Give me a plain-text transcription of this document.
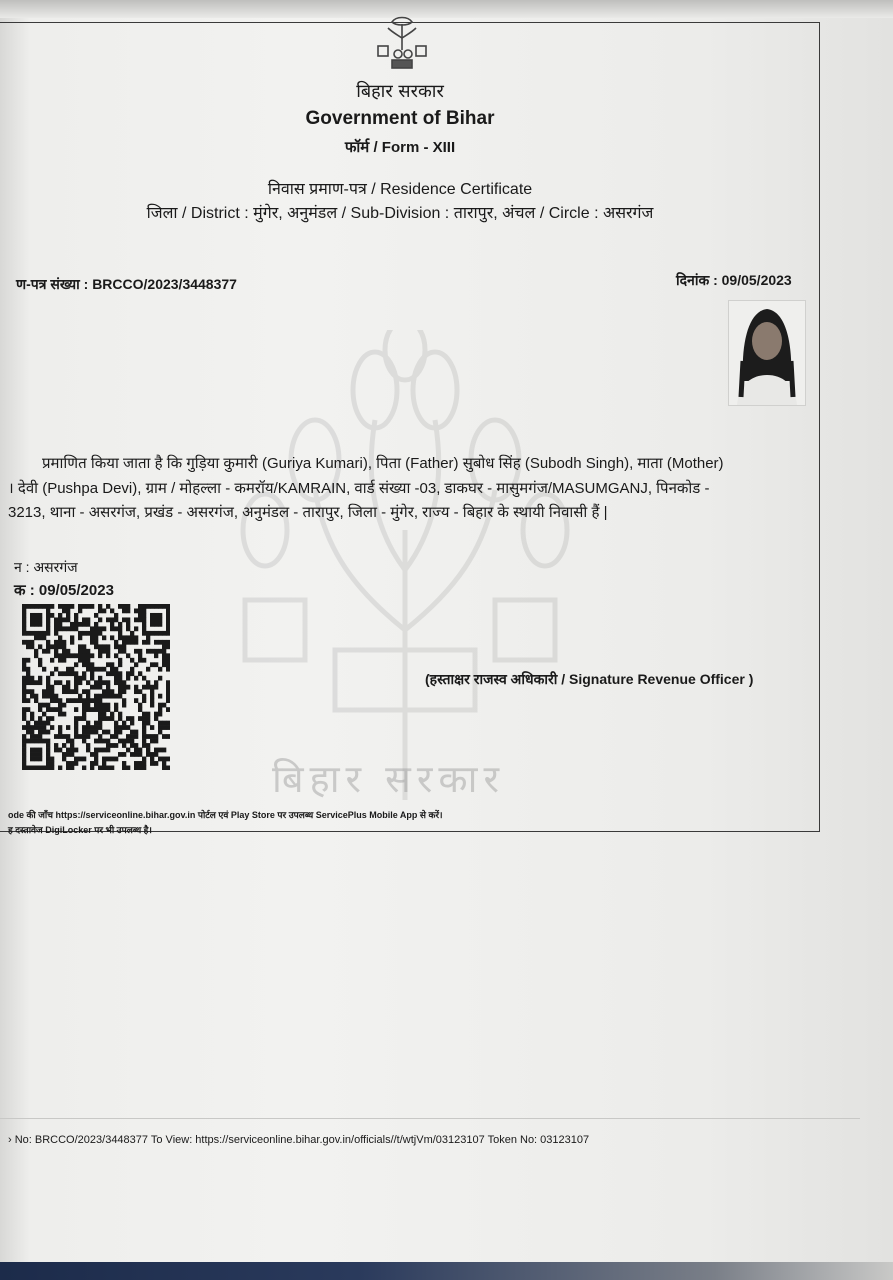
बिहार सरकार
बिहार सरकार
Government of Bihar
फॉर्म / Form - XIII
निवास प्रमाण-पत्र / Residence Certificate
जिला / District : मुंगेर, अनुमंडल / Sub-Division : तारापुर, अंचल / Circle : असरगंज
ण-पत्र संख्या : BRCCO/2023/3448377	दिनांक : 09/05/2023
प्रमाणित किया जाता है कि गुड़िया कुमारी (Guriya Kumari), पिता (Father) सुबोध सिंह (Subodh Singh), माता (Mother)
। देवी (Pushpa Devi), ग्राम / मोहल्ला - कमरॉय/KAMRAIN, वार्ड संख्या -03, डाकघर - मासुमगंज/MASUMGANJ, पिनकोड -
3213, थाना - असरगंज, प्रखंड - असरगंज, अनुमंडल - तारापुर, जिला - मुंगेर, राज्य - बिहार के स्थायी निवासी हैं |
न : असरगंज
क : 09/05/2023
(हस्ताक्षर राजस्व अधिकारी / Signature Revenue Officer )
ode की जाँच https://serviceonline.bihar.gov.in पोर्टल एवं Play Store पर उपलब्ध ServicePlus Mobile App से करें।
ह दस्तावेज DigiLocker पर भी उपलब्ध है।
› No: BRCCO/2023/3448377 To View: https://serviceonline.bihar.gov.in/officials//t/wtjVm/03123107 Token No: 03123107
